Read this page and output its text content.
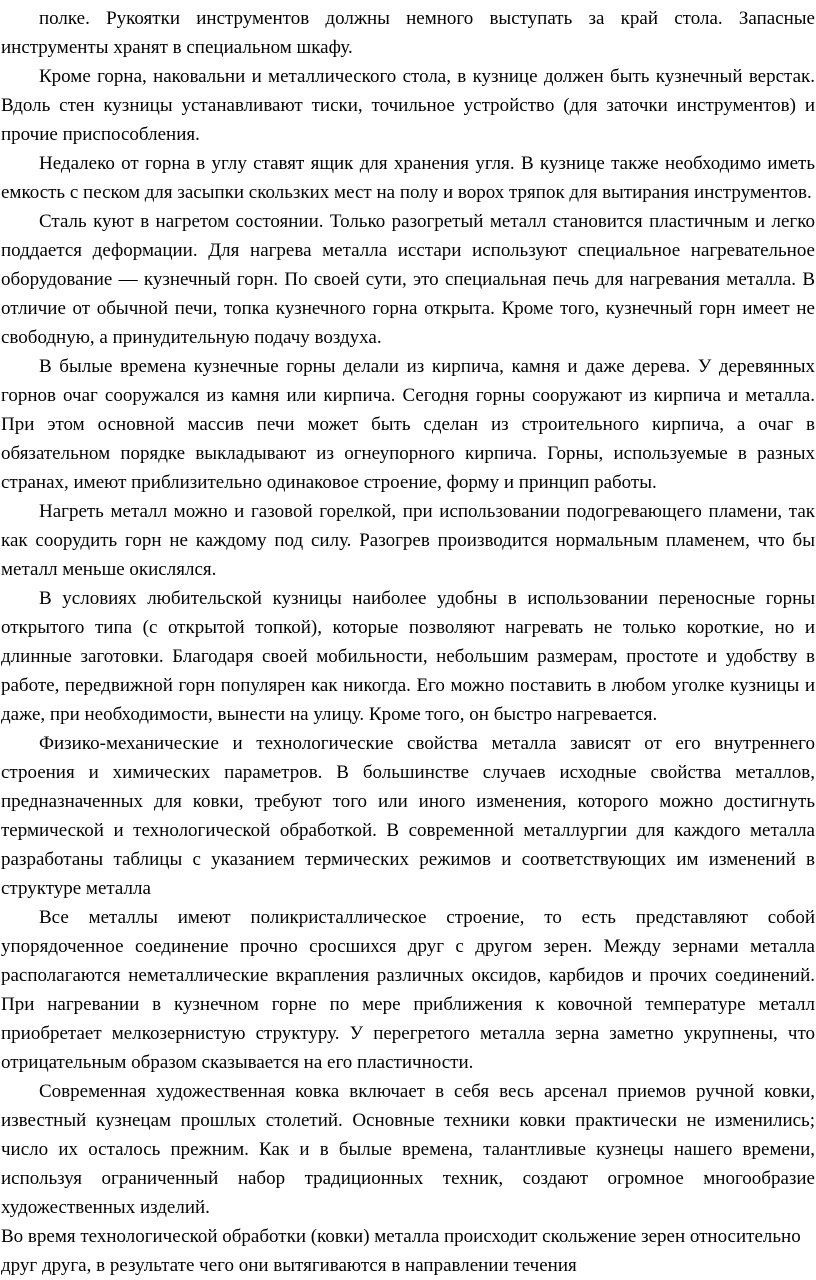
полке. Рукоятки инструментов должны немного выступать за край стола. Запасные инструменты хранят в специальном шкафу.

Кроме горна, наковальни и металлического стола, в кузнице должен быть кузнечный верстак. Вдоль стен кузницы устанавливают тиски, точильное устройство (для заточки инструментов) и прочие приспособления.

Недалеко от горна в углу ставят ящик для хранения угля. В кузнице также необходимо иметь емкость с песком для засыпки скользких мест на полу и ворох тряпок для вытирания инструментов.

Сталь куют в нагретом состоянии. Только разогретый металл становится пластичным и легко поддается деформации. Для нагрева металла исстари используют специальное нагревательное оборудование — кузнечный горн. По своей сути, это специальная печь для нагревания металла. В отличие от обычной печи, топка кузнечного горна открыта. Кроме того, кузнечный горн имеет не свободную, а принудительную подачу воздуха.

В былые времена кузнечные горны делали из кирпича, камня и даже дерева. У деревянных горнов очаг сооружался из камня или кирпича. Сегодня горны сооружают из кирпича и металла. При этом основной массив печи может быть сделан из строительного кирпича, а очаг в обязательном порядке выкладывают из огнеупорного кирпича. Горны, используемые в разных странах, имеют приблизительно одинаковое строение, форму и принцип работы.

Нагреть металл можно и газовой горелкой, при использовании подогревающего пламени, так как соорудить горн не каждому под силу. Разогрев производится нормальным пламенем, что бы металл меньше окислялся.

В условиях любительской кузницы наиболее удобны в использовании переносные горны открытого типа (с открытой топкой), которые позволяют нагревать не только короткие, но и длинные заготовки. Благодаря своей мобильности, небольшим размерам, простоте и удобству в работе, передвижной горн популярен как никогда. Его можно поставить в любом уголке кузницы и даже, при необходимости, вынести на улицу. Кроме того, он быстро нагревается.

Физико-механические и технологические свойства металла зависят от его внутреннего строения и химических параметров. В большинстве случаев исходные свойства металлов, предназначенных для ковки, требуют того или иного изменения, которого можно достигнуть термической и технологической обработкой. В современной металлургии для каждого металла разработаны таблицы с указанием термических режимов и соответствующих им изменений в структуре металла

Все металлы имеют поликристаллическое строение, то есть представляют собой упорядоченное соединение прочно сросшихся друг с другом зерен. Между зернами металла располагаются неметаллические вкрапления различных оксидов, карбидов и прочих соединений. При нагревании в кузнечном горне по мере приближения к ковочной температуре металл приобретает мелкозернистую структуру. У перегретого металла зерна заметно укрупнены, что отрицательным образом сказывается на его пластичности.

Современная художественная ковка включает в себя весь арсенал приемов ручной ковки, известный кузнецам прошлых столетий. Основные техники ковки практически не изменились; число их осталось прежним. Как и в былые времена, талантливые кузнецы нашего времени, используя ограниченный набор традиционных техник, создают огромное многообразие художественных изделий.

Во время технологической обработки (ковки) металла происходит скольжение зерен относительно друг друга, в результате чего они вытягиваются в направлении течения
